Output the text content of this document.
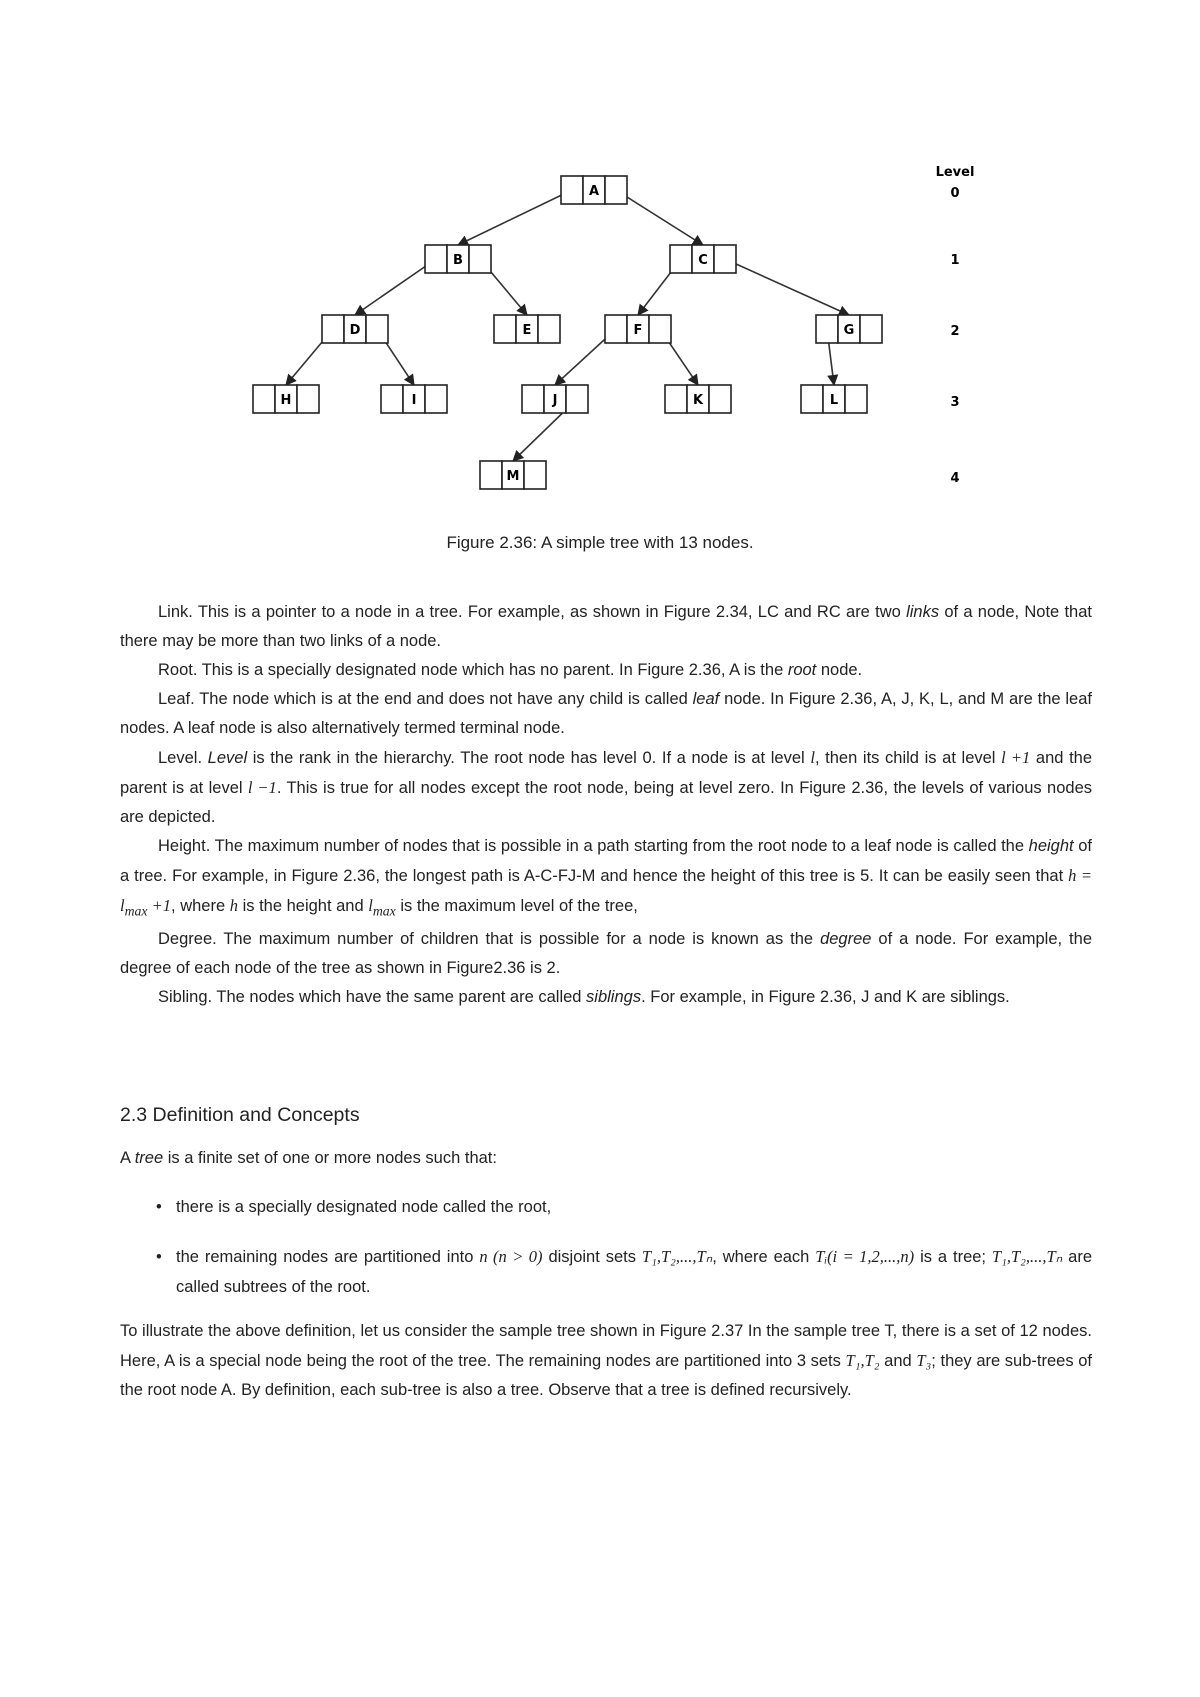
A
B	C
D	E	F	G
H	I	J	K	L
M
Level
0
1
2
3
4
Figure 2.36: A simple tree with 13 nodes.

Link. This is a pointer to a node in a tree. For example, as shown in Figure 2.34, LC and RC are two links of a node, Note that there may be more than two links of a node.

Root. This is a specially designated node which has no parent. In Figure 2.36, A is the root node.

Leaf. The node which is at the end and does not have any child is called leaf node. In Figure 2.36, A, J, K, L, and M are the leaf nodes. A leaf node is also alternatively termed terminal node.

Level. Level is the rank in the hierarchy. The root node has level 0. If a node is at level l, then its child is at level l +1 and the parent is at level l −1. This is true for all nodes except the root node, being at level zero. In Figure 2.36, the levels of various nodes are depicted.

Height. The maximum number of nodes that is possible in a path starting from the root node to a leaf node is called the height of a tree. For example, in Figure 2.36, the longest path is A-C-FJ-M and hence the height of this tree is 5. It can be easily seen that $h = l_{max} +1$, where h is the height and $l_{max}$ is the maximum level of the tree,

Degree. The maximum number of children that is possible for a node is known as the degree of a node. For example, the degree of each node of the tree as shown in Figure2.36 is 2.

Sibling. The nodes which have the same parent are called siblings. For example, in Figure 2.36, J and K are siblings.

2.3 Definition and Concepts

A tree is a finite set of one or more nodes such that:

• there is a specially designated node called the root,
• the remaining nodes are partitioned into n (n > 0) disjoint sets T₁,T₂,...,Tₙ, where each Tᵢ(i = 1,2,...,n) is a tree; T₁,T₂,...,Tₙ are called subtrees of the root.

To illustrate the above definition, let us consider the sample tree shown in Figure 2.37 In the sample tree T, there is a set of 12 nodes. Here, A is a special node being the root of the tree. The remaining nodes are partitioned into 3 sets T₁,T₂ and T₃; they are sub-trees of the root node A. By definition, each sub-tree is also a tree. Observe that a tree is defined recursively.
